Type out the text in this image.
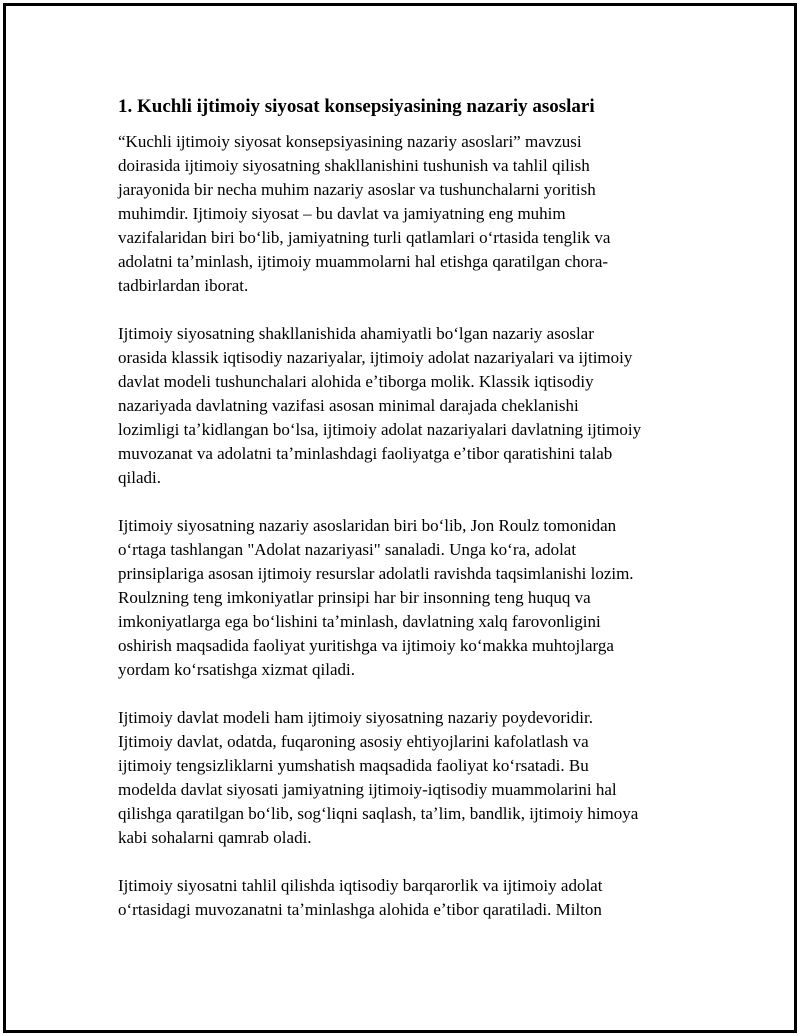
1. Kuchli ijtimoiy siyosat konsepsiyasining nazariy asoslari

“Kuchli ijtimoiy siyosat konsepsiyasining nazariy asoslari” mavzusi
doirasida ijtimoiy siyosatning shakllanishini tushunish va tahlil qilish
jarayonida bir necha muhim nazariy asoslar va tushunchalarni yoritish
muhimdir. Ijtimoiy siyosat – bu davlat va jamiyatning eng muhim
vazifalaridan biri boʻlib, jamiyatning turli qatlamlari oʻrtasida tenglik va
adolatni taʼminlash, ijtimoiy muammolarni hal etishga qaratilgan chora-
tadbirlardan iborat.

Ijtimoiy siyosatning shakllanishida ahamiyatli boʻlgan nazariy asoslar
orasida klassik iqtisodiy nazariyalar, ijtimoiy adolat nazariyalari va ijtimoiy
davlat modeli tushunchalari alohida eʼtiborga molik. Klassik iqtisodiy
nazariyada davlatning vazifasi asosan minimal darajada cheklanishi
lozimligi taʼkidlangan boʻlsa, ijtimoiy adolat nazariyalari davlatning ijtimoiy
muvozanat va adolatni taʼminlashdagi faoliyatga eʼtibor qaratishini talab
qiladi.

Ijtimoiy siyosatning nazariy asoslaridan biri boʻlib, Jon Roulz tomonidan
oʻrtaga tashlangan "Adolat nazariyasi" sanaladi. Unga koʻra, adolat
prinsiplariga asosan ijtimoiy resurslar adolatli ravishda taqsimlanishi lozim.
Roulzning teng imkoniyatlar prinsipi har bir insonning teng huquq va
imkoniyatlarga ega boʻlishini taʼminlash, davlatning xalq farovonligini
oshirish maqsadida faoliyat yuritishga va ijtimoiy koʻmakka muhtojlarga
yordam koʻrsatishga xizmat qiladi.

Ijtimoiy davlat modeli ham ijtimoiy siyosatning nazariy poydevoridir.
Ijtimoiy davlat, odatda, fuqaroning asosiy ehtiyojlarini kafolatlash va
ijtimoiy tengsizliklarni yumshatish maqsadida faoliyat koʻrsatadi. Bu
modelda davlat siyosati jamiyatning ijtimoiy-iqtisodiy muammolarini hal
qilishga qaratilgan boʻlib, sogʻliqni saqlash, taʼlim, bandlik, ijtimoiy himoya
kabi sohalarni qamrab oladi.

Ijtimoiy siyosatni tahlil qilishda iqtisodiy barqarorlik va ijtimoiy adolat
oʻrtasidagi muvozanatni taʼminlashga alohida eʼtibor qaratiladi. Milton
